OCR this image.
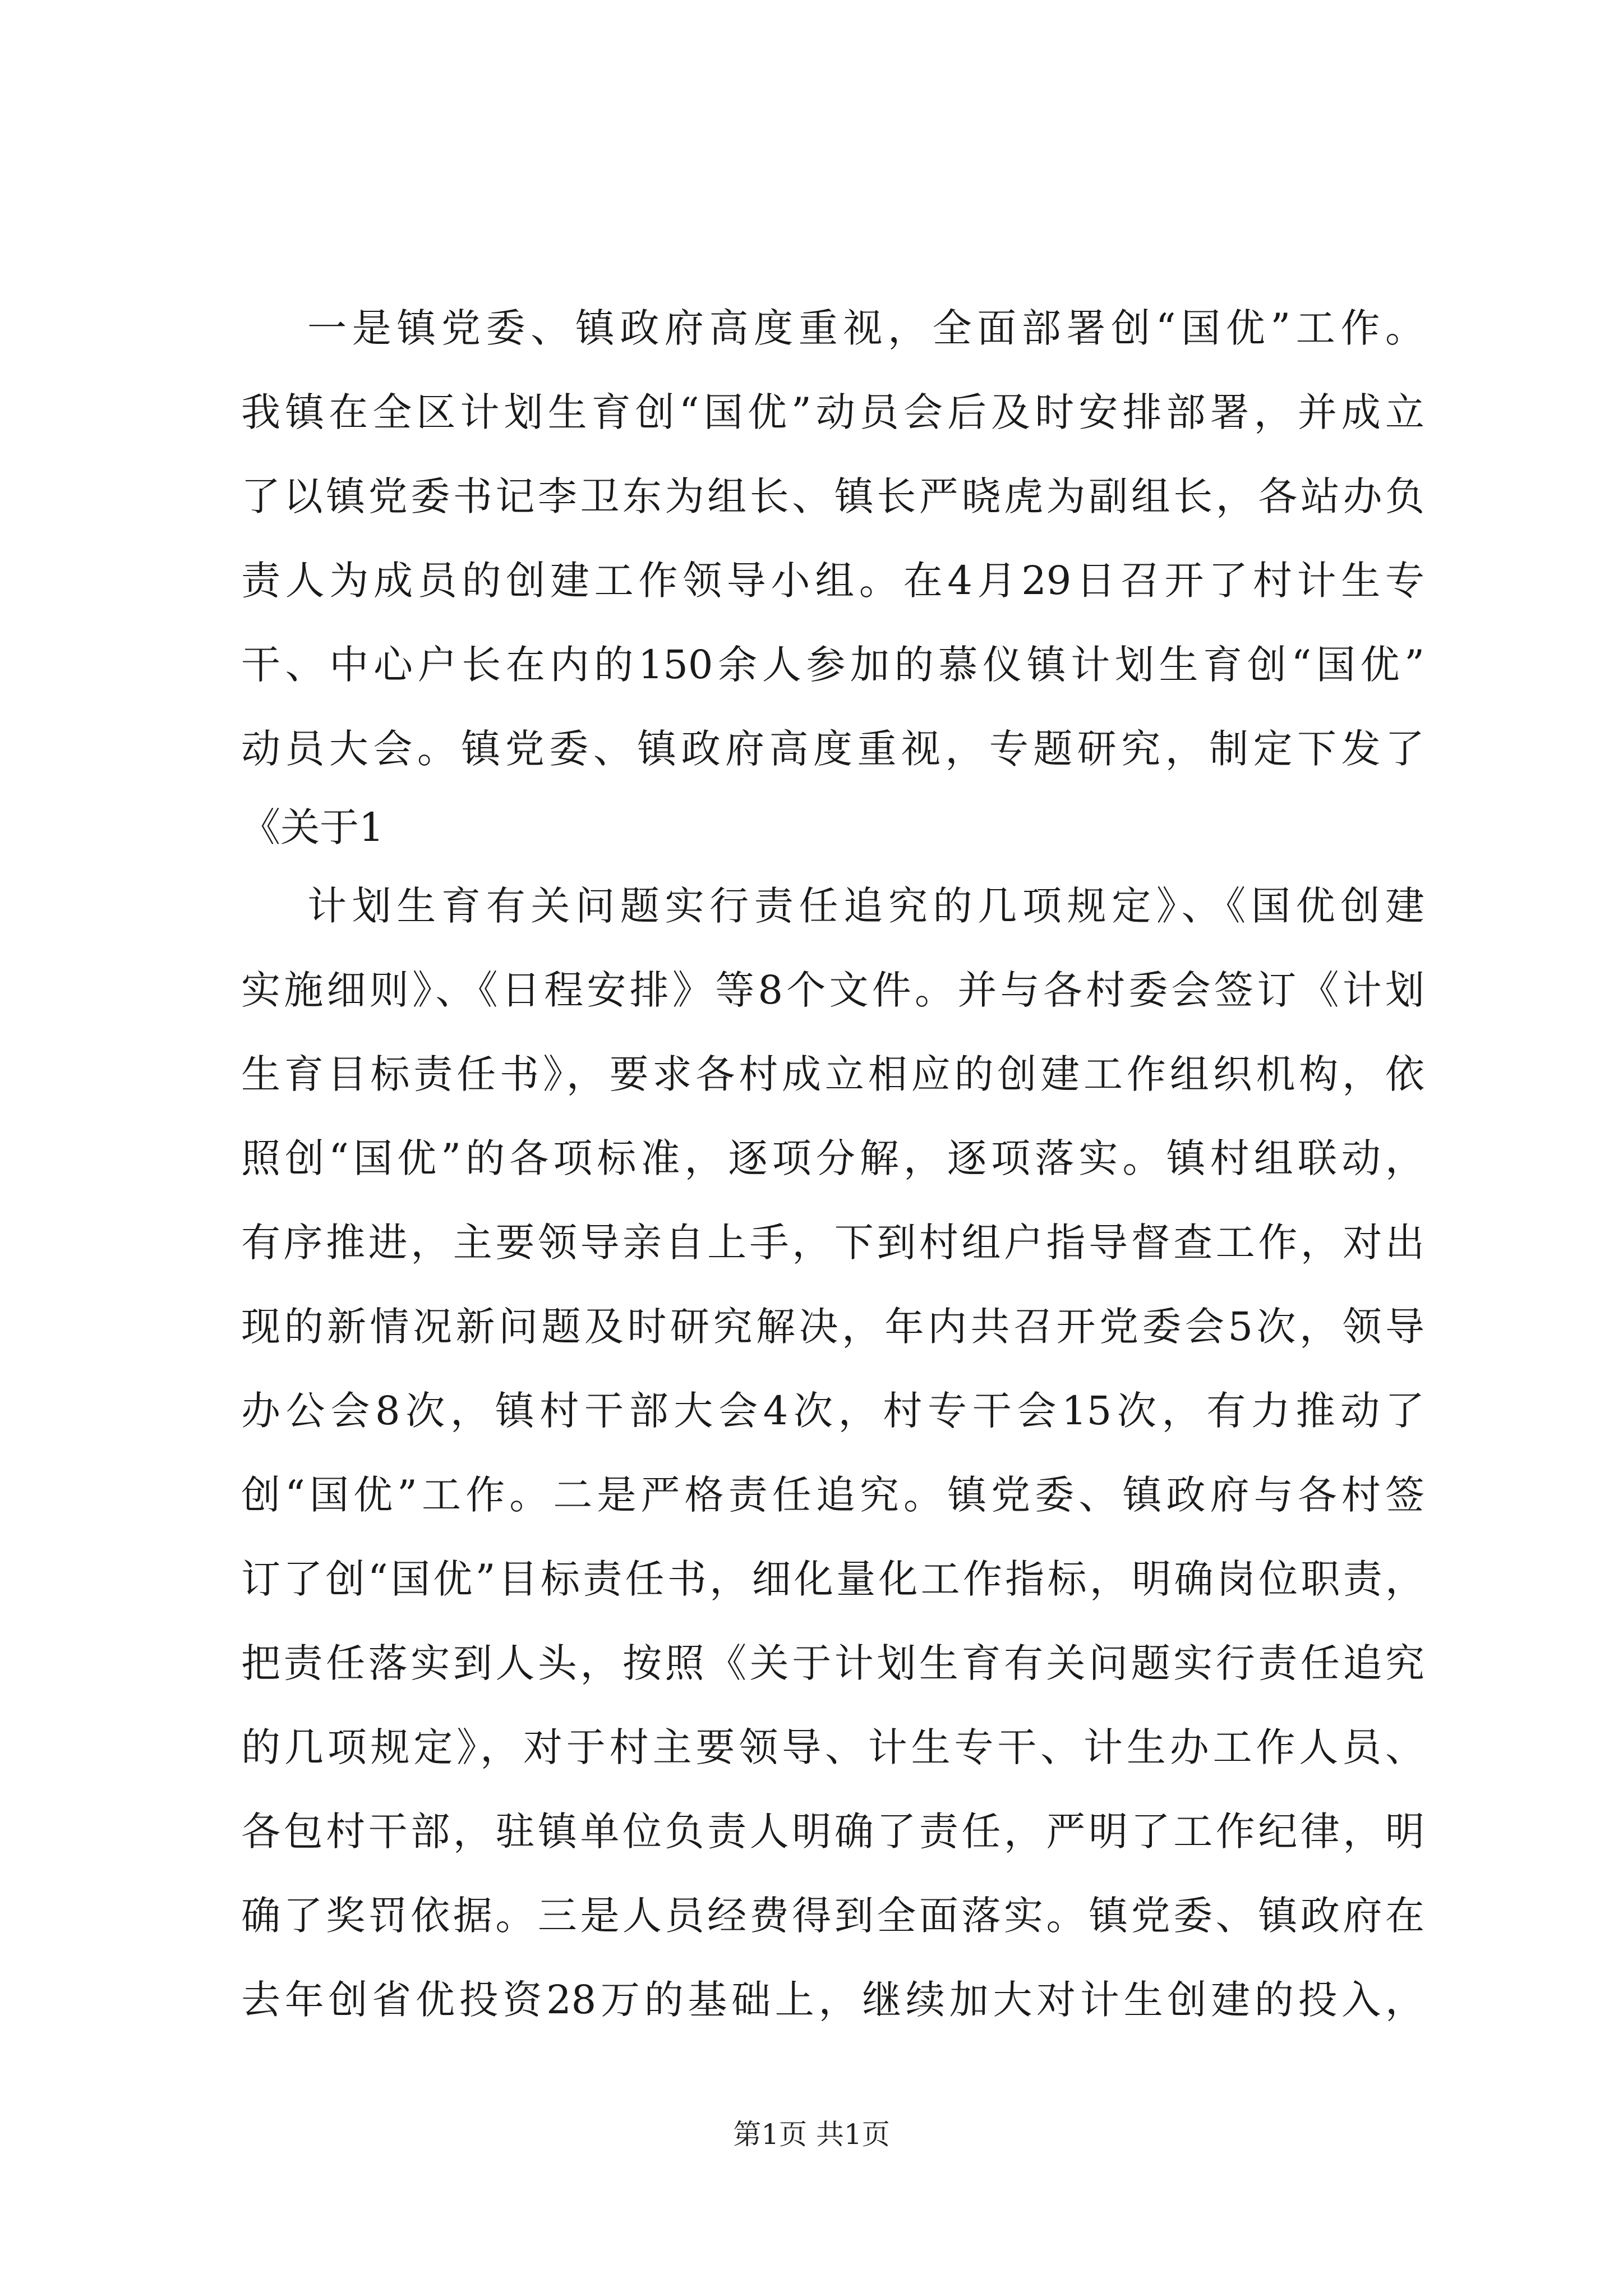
一是镇党委、镇政府高度重视，全面部署创“国优”工作。
我镇在全区计划生育创“国优”动员会后及时安排部署，并成立
了以镇党委书记李卫东为组长、镇长严晓虎为副组长，各站办负
责人为成员的创建工作领导小组。在4月29日召开了村计生专
干、中心户长在内的150余人参加的慕仪镇计划生育创“国优”
动员大会。镇党委、镇政府高度重视，专题研究，制定下发了
《关于1
计划生育有关问题实行责任追究的几项规定》、《国优创建
实施细则》、《日程安排》等8个文件。并与各村委会签订《计划
生育目标责任书》，要求各村成立相应的创建工作组织机构，依
照创“国优”的各项标准，逐项分解，逐项落实。镇村组联动，
有序推进，主要领导亲自上手，下到村组户指导督查工作，对出
现的新情况新问题及时研究解决，年内共召开党委会5次，领导
办公会8次，镇村干部大会4次，村专干会15次，有力推动了
创“国优”工作。二是严格责任追究。镇党委、镇政府与各村签
订了创“国优”目标责任书，细化量化工作指标，明确岗位职责，
把责任落实到人头，按照《关于计划生育有关问题实行责任追究
的几项规定》，对于村主要领导、计生专干、计生办工作人员、
各包村干部，驻镇单位负责人明确了责任，严明了工作纪律，明
确了奖罚依据。三是人员经费得到全面落实。镇党委、镇政府在
去年创省优投资28万的基础上，继续加大对计生创建的投入，
第1页 共1页
